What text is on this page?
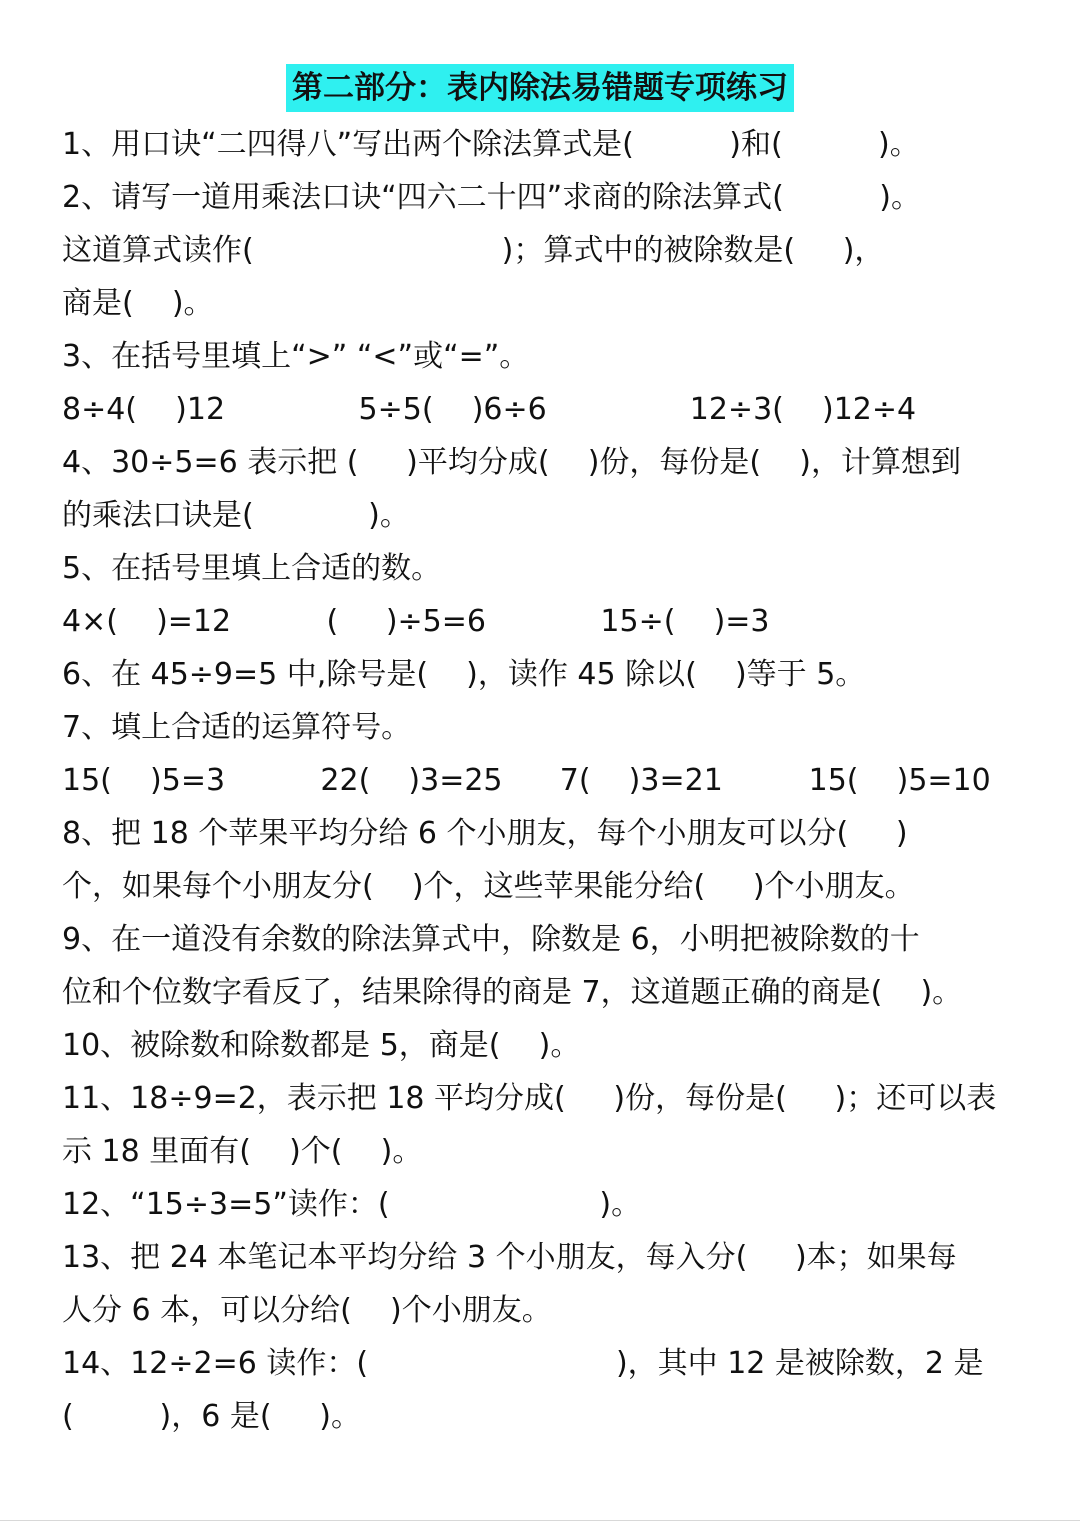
第二部分：表内除法易错题专项练习
1、用口诀“二四得八”写出两个除法算式是(          )和(          )。
2、请写一道用乘法口诀“四六二十四”求商的除法算式(          )。
这道算式读作(                          )；算式中的被除数是(     )，
商是(    )。
3、在括号里填上“>” “<”或“=”。
8÷4(    )12              5÷5(    )6÷6               12÷3(    )12÷4
4、30÷5=6 表示把 (     )平均分成(    )份，每份是(    )，计算想到
的乘法口诀是(            )。
5、在括号里填上合适的数。
4×(    )=12          (     )÷5=6            15÷(    )=3
6、在 45÷9=5 中,除号是(    )，读作 45 除以(    )等于 5。
7、填上合适的运算符号。
15(    )5=3          22(    )3=25      7(    )3=21         15(    )5=10
8、把 18 个苹果平均分给 6 个小朋友，每个小朋友可以分(     )
个，如果每个小朋友分(    )个，这些苹果能分给(     )个小朋友。
9、在一道没有余数的除法算式中，除数是 6，小明把被除数的十
位和个位数字看反了，结果除得的商是 7，这道题正确的商是(    )。
10、被除数和除数都是 5，商是(    )。
11、18÷9=2，表示把 18 平均分成(     )份，每份是(     )；还可以表
示 18 里面有(    )个(    )。
12、“15÷3=5”读作：(                      )。
13、把 24 本笔记本平均分给 3 个小朋友，每入分(     )本；如果每
人分 6 本，可以分给(    )个小朋友。
14、12÷2=6 读作：(                          )，其中 12 是被除数，2 是
(         )，6 是(     )。
